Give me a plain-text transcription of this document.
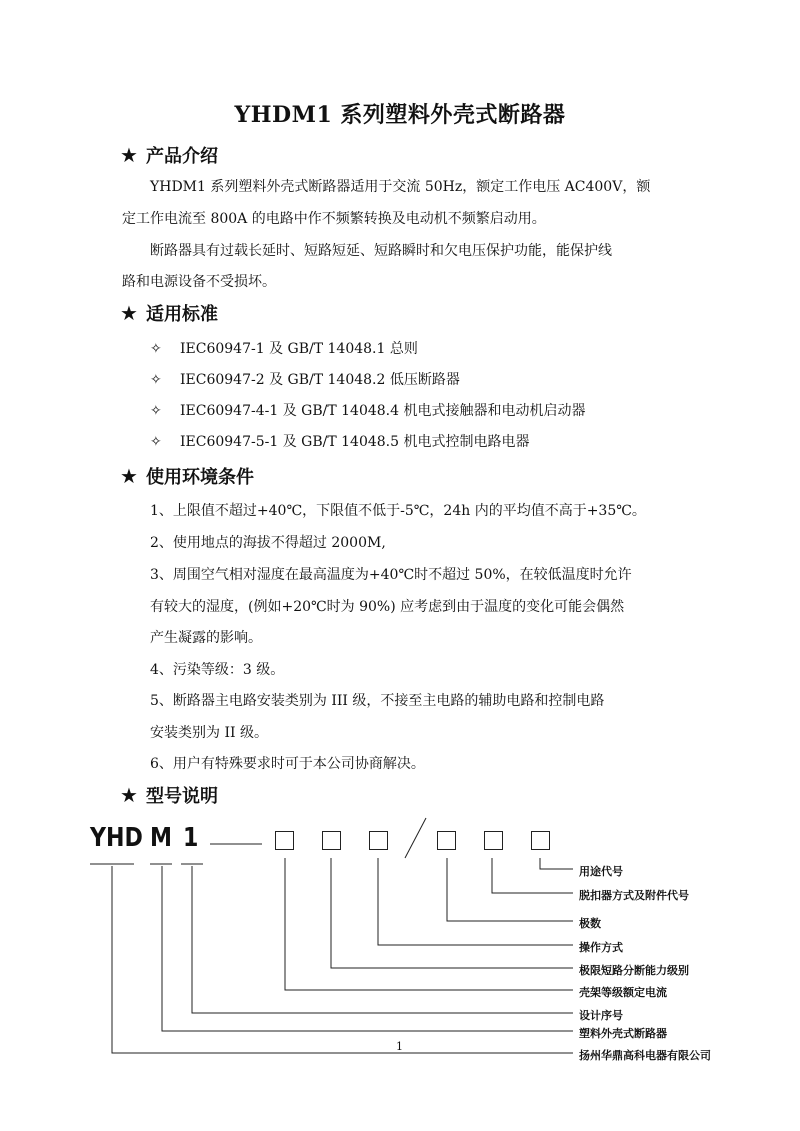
YHDM1 系列塑料外壳式断路器
★ 产品介绍
YHDM1 系列塑料外壳式断路器适用于交流 50Hz，额定工作电压 AC400V，额
定工作电流至 800A 的电路中作不频繁转换及电动机不频繁启动用。
断路器具有过载长延时、短路短延、短路瞬时和欠电压保护功能，能保护线
路和电源设备不受损坏。
★ 适用标准
✧ IEC60947-1 及 GB/T 14048.1 总则
✧ IEC60947-2 及 GB/T 14048.2 低压断路器
✧ IEC60947-4-1 及 GB/T 14048.4 机电式接触器和电动机启动器
✧ IEC60947-5-1 及 GB/T 14048.5 机电式控制电路电器
★ 使用环境条件
1、上限值不超过+40℃，下限值不低于-5℃，24h 内的平均值不高于+35℃。
2、使用地点的海拔不得超过 2000M,
3、周围空气相对湿度在最高温度为+40℃时不超过 50%，在较低温度时允许
有较大的湿度，(例如+20℃时为 90%) 应考虑到由于温度的变化可能会偶然
产生凝露的影响。
4、污染等级：3 级。
5、断路器主电路安装类别为 III 级，不接至主电路的辅助电路和控制电路
安装类别为 II 级。
6、用户有特殊要求时可于本公司协商解决。
★ 型号说明
YHD M 1
用途代号
脱扣器方式及附件代号
极数
操作方式
极限短路分断能力级别
壳架等级额定电流
设计序号
塑料外壳式断路器
扬州华鼎高科电器有限公司
1
